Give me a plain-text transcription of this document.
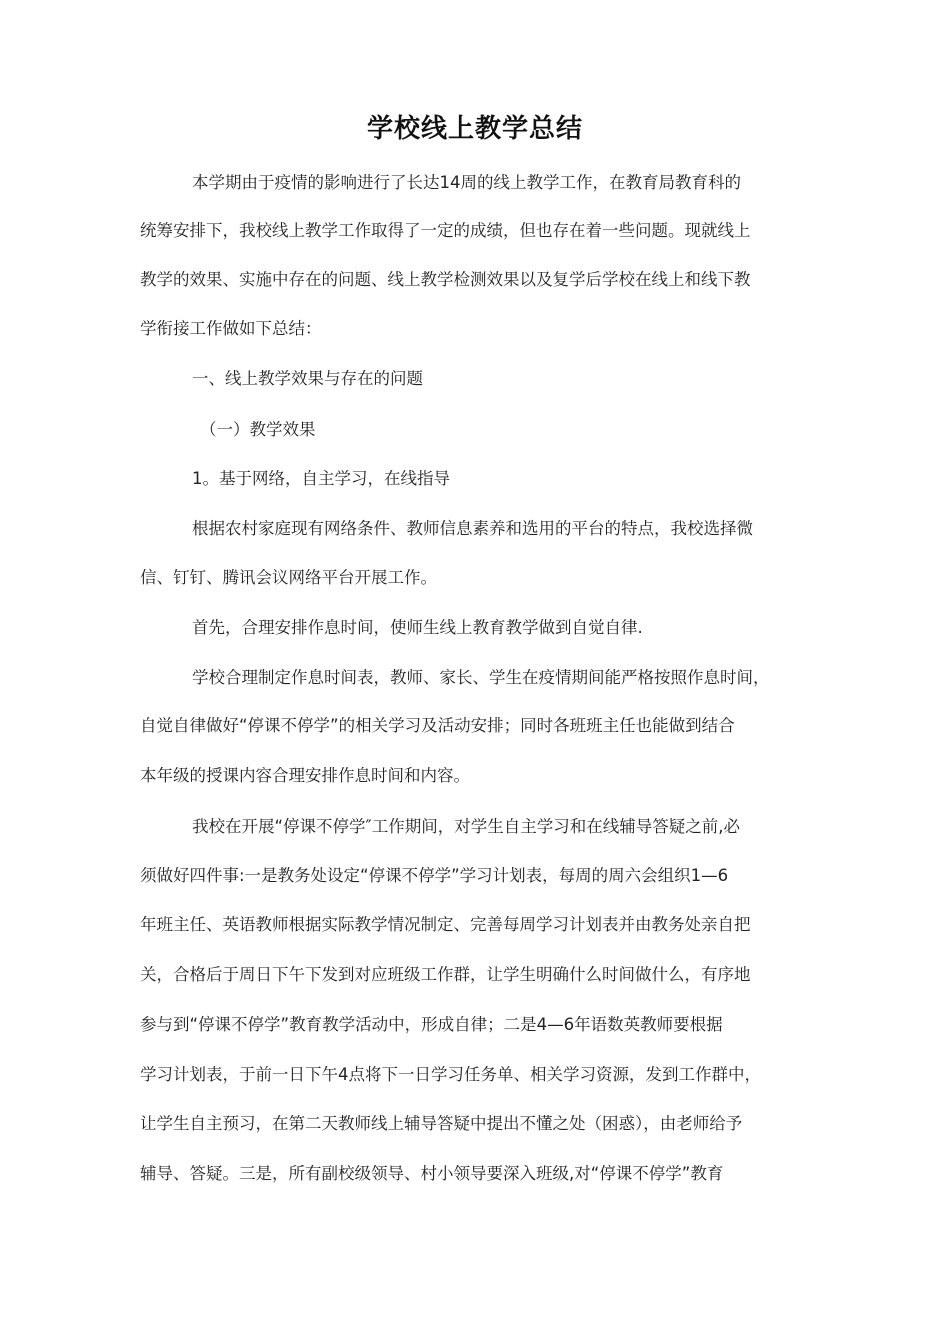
学校线上教学总结
本学期由于疫情的影响进行了长达14周的线上教学工作，在教育局教育科的
统筹安排下，我校线上教学工作取得了一定的成绩，但也存在着一些问题。现就线上
教学的效果、实施中存在的问题、线上教学检测效果以及复学后学校在线上和线下教
学衔接工作做如下总结：
一、线上教学效果与存在的问题
（一）教学效果
1。基于网络，自主学习，在线指导
根据农村家庭现有网络条件、教师信息素养和选用的平台的特点，我校选择微
信、钉钉、腾讯会议网络平台开展工作。
首先，合理安排作息时间，使师生线上教育教学做到自觉自律.
学校合理制定作息时间表，教师、家长、学生在疫情期间能严格按照作息时间，
自觉自律做好“停课不停学”的相关学习及活动安排；同时各班班主任也能做到结合
本年级的授课内容合理安排作息时间和内容。
我校在开展“停课不停学″工作期间，对学生自主学习和在线辅导答疑之前,必
须做好四件事:一是教务处设定“停课不停学”学习计划表，每周的周六会组织1—6
年班主任、英语教师根据实际教学情况制定、完善每周学习计划表并由教务处亲自把
关，合格后于周日下午下发到对应班级工作群，让学生明确什么时间做什么，有序地
参与到“停课不停学”教育教学活动中，形成自律；二是4—6年语数英教师要根据
学习计划表，于前一日下午4点将下一日学习任务单、相关学习资源，发到工作群中，
让学生自主预习，在第二天教师线上辅导答疑中提出不懂之处（困惑），由老师给予
辅导、答疑。三是，所有副校级领导、村小领导要深入班级,对“停课不停学”教育
